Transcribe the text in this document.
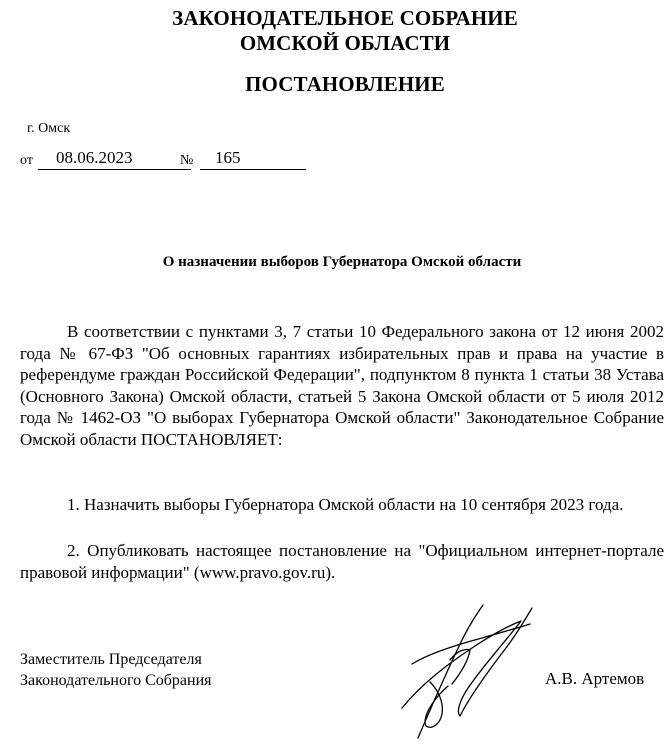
ЗАКОНОДАТЕЛЬНОЕ СОБРАНИЕ
ОМСКОЙ ОБЛАСТИ
ПОСТАНОВЛЕНИЕ
г. Омск
от 08.06.2023	№ 165
О назначении выборов Губернатора Омской области
В соответствии с пунктами 3, 7 статьи 10 Федерального закона от 12 июня 2002 года № 67-ФЗ "Об основных гарантиях избирательных прав и права на участие в референдуме граждан Российской Федерации", подпунктом 8 пункта 1 статьи 38 Устава (Основного Закона) Омской области, статьей 5 Закона Омской области от 5 июля 2012 года № 1462-ОЗ "О выборах Губернатора Омской области" Законодательное Собрание Омской области ПОСТАНОВЛЯЕТ:
1. Назначить выборы Губернатора Омской области на 10 сентября 2023 года.
2. Опубликовать настоящее постановление на "Официальном интернет-портале правовой информации" (www.pravo.gov.ru).
Заместитель Председателя
Законодательного Собрания	А.В. Артемов
